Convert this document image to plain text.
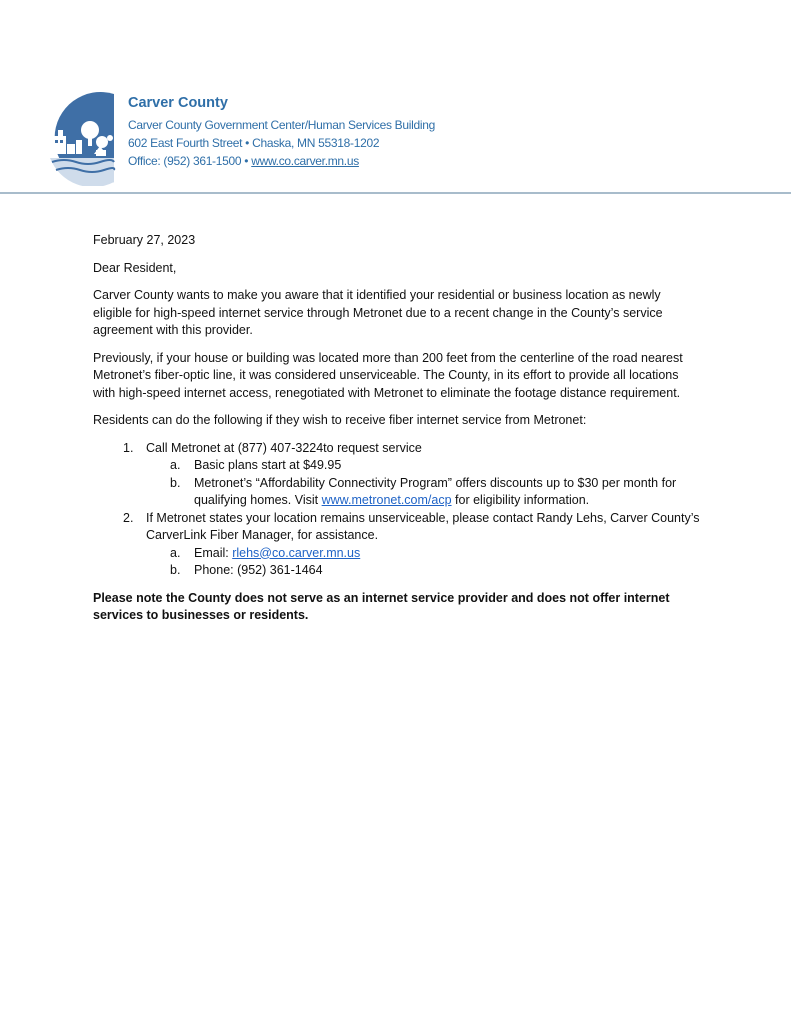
Carver County
Carver County Government Center/Human Services Building
602 East Fourth Street • Chaska, MN 55318-1202
Office: (952) 361-1500 • www.co.carver.mn.us

February 27, 2023

Dear Resident,

Carver County wants to make you aware that it identified your residential or business location as newly eligible for high-speed internet service through Metronet due to a recent change in the County’s service agreement with this provider.

Previously, if your house or building was located more than 200 feet from the centerline of the road nearest Metronet’s fiber-optic line, it was considered unserviceable. The County, in its effort to provide all locations with high-speed internet access, renegotiated with Metronet to eliminate the footage distance requirement.

Residents can do the following if they wish to receive fiber internet service from Metronet:

1. Call Metronet at (877) 407-3224to request service
a. Basic plans start at $49.95
b. Metronet’s “Affordability Connectivity Program” offers discounts up to $30 per month for qualifying homes. Visit www.metronet.com/acp for eligibility information.
2. If Metronet states your location remains unserviceable, please contact Randy Lehs, Carver County’s CarverLink Fiber Manager, for assistance.
a. Email: rlehs@co.carver.mn.us
b. Phone: (952) 361-1464

Please note the County does not serve as an internet service provider and does not offer internet services to businesses or residents.
